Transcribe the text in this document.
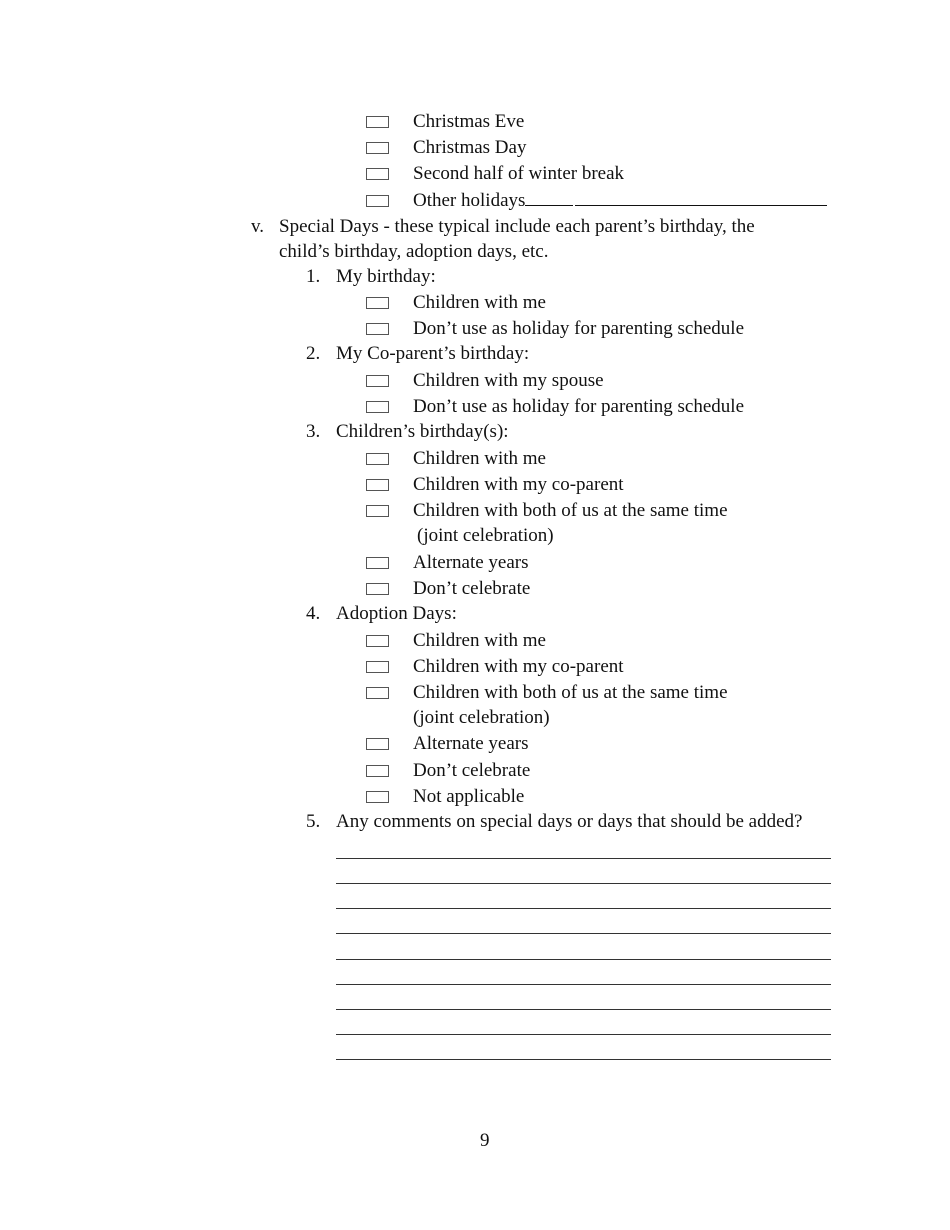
Christmas Eve
Christmas Day
Second half of winter break
Other holidays
v. Special Days - these typical include each parent’s birthday, the
child’s birthday, adoption days, etc.
1. My birthday:
Children with me
Don’t use as holiday for parenting schedule
2. My Co-parent’s birthday:
Children with my spouse
Don’t use as holiday for parenting schedule
3. Children’s birthday(s):
Children with me
Children with my co-parent
Children with both of us at the same time
(joint celebration)
Alternate years
Don’t celebrate
4. Adoption Days:
Children with me
Children with my co-parent
Children with both of us at the same time
(joint celebration)
Alternate years
Don’t celebrate
Not applicable
5. Any comments on special days or days that should be added?
9
